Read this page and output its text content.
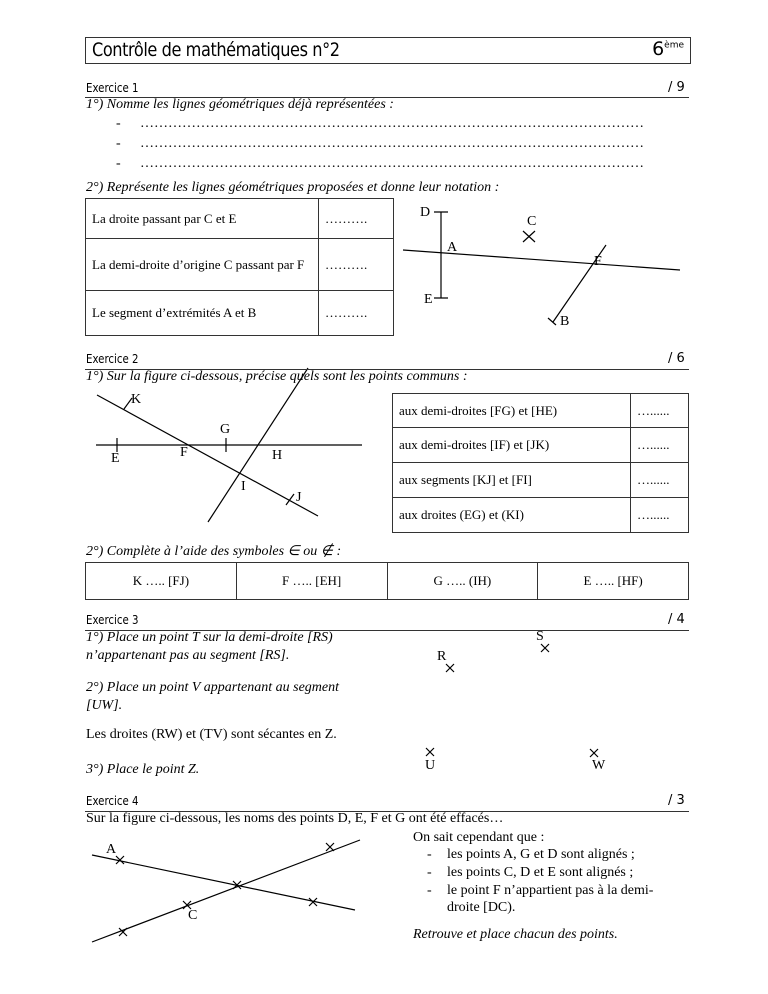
Contrôle de mathématiques n°2	6ème
Exercice 1	/ 9
1°) Nomme les lignes géométriques déjà représentées :
- ………………………………………………………………………………………………
- ………………………………………………………………………………………………
- ………………………………………………………………………………………………
2°) Représente les lignes géométriques proposées et donne leur notation :
La droite passant par C et E	……….
La demi-droite d’origine C passant par F	……….
Le segment d’extrémités A et B	……….
D
C
A
F
E
B
Exercice 2	/ 6
1°) Sur la figure ci-dessous, précise quels sont les points communs :
K
G
E	F	H
I
J
aux demi-droites [FG) et [HE)	…......
aux demi-droites [IF) et [JK)	…......
aux segments [KJ] et [FI]	…......
aux droites (EG) et (KI)	…......
2°) Complète à l’aide des symboles ∈ ou ∉ :
K ….. [FJ)	F ….. [EH]	G ….. (IH)	E ….. [HF)
Exercice 3	/ 4
1°) Place un point T sur la demi-droite [RS)
n’appartenant pas au segment [RS].
2°) Place un point V appartenant au segment
[UW].
Les droites (RW) et (TV) sont sécantes en Z.
3°) Place le point Z.
R
S
U	W
Exercice 4	/ 3
Sur la figure ci-dessous, les noms des points D, E, F et G ont été effacés…
On sait cependant que :
- les points A, G et D sont alignés ;
- les points C, D et E sont alignés ;
- le point F n’appartient pas à la demi-
droite [DC).
Retrouve et place chacun des points.
A
C
